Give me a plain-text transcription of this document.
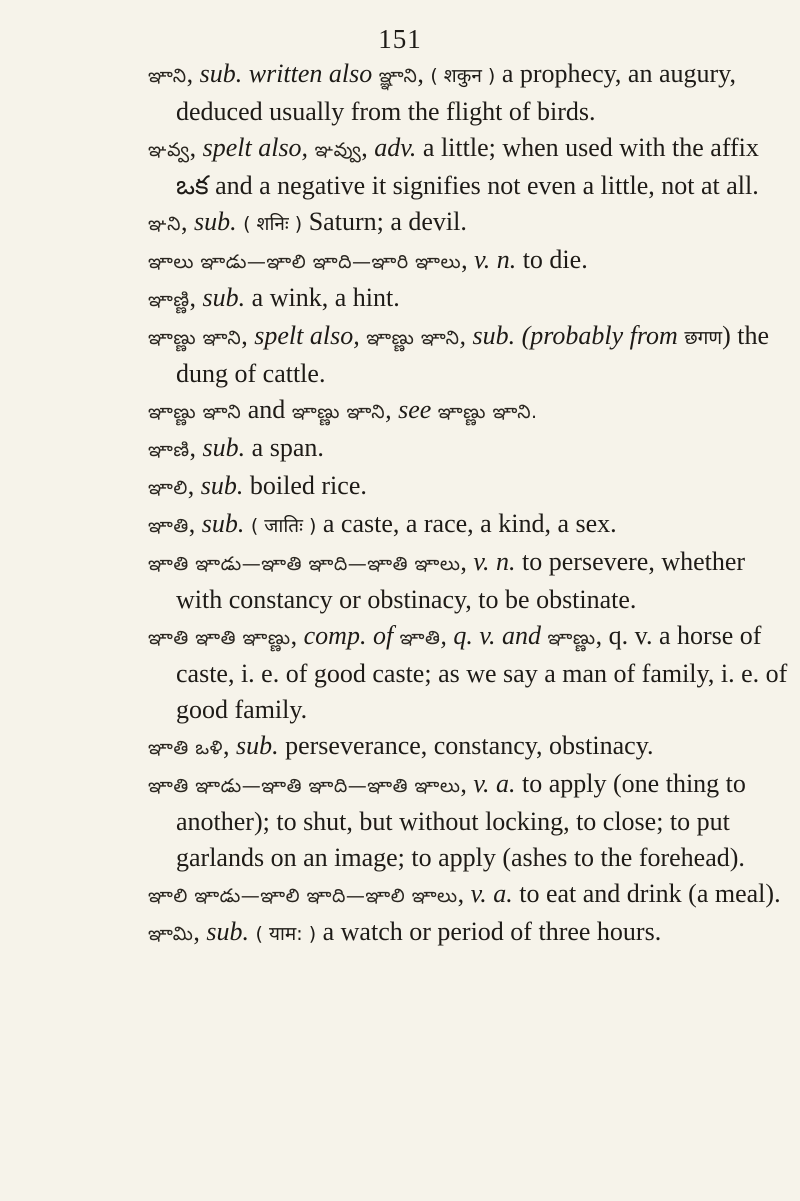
151
ఞాని, sub. written also ఞ్ఞాని, ( शकुन ) a prophecy, an augury, deduced usually from the flight of birds.
ఞవ్వ, spelt also, ఞవ్వు, adv. a little; when used with the affix ఒక and a negative it signifies not even a little, not at all.
ఞని, sub. ( शनिः ) Saturn; a devil.
ఞాలు ఞాడు—ఞాలి ఞాది—ఞారి ఞాలు, v. n. to die.
ఞాణ్ణి, sub. a wink, a hint.
ఞాణ్ణు ఞాని, spelt also, ఞాణ్ణు ఞాని, sub. (probably from छगण) the dung of cattle.
ఞాణ్ణు ఞాని and ఞాణ్ణు ఞాని, see ఞాణ్ణు ఞాని.
ఞాణి, sub. a span.
ఞాలి, sub. boiled rice.
ఞాతి, sub. ( जातिः ) a caste, a race, a kind, a sex.
ఞాతి ఞాడు—ఞాతి ఞాది—ఞాతి ఞాలు, v. n. to persevere, whether with constancy or obstinacy, to be obstinate.
ఞాతి ఞాతి ఞాణ్ణు, comp. of ఞాతి, q. v. and ఞాణ్ణు, q. v. a horse of caste, i. e. of good caste; as we say a man of family, i. e. of good family.
ఞాతి ఒళి, sub. perseverance, constancy, obstinacy.
ఞాతి ఞాడు—ఞాతి ఞాది—ఞాతి ఞాలు, v. a. to apply (one thing to another); to shut, but without locking, to close; to put garlands on an image; to apply (ashes to the forehead).
ఞాలి ఞాడు—ఞాలి ఞాది—ఞాలి ఞాలు, v. a. to eat and drink (a meal).
ఞామి, sub. ( याम: ) a watch or period of three hours.
